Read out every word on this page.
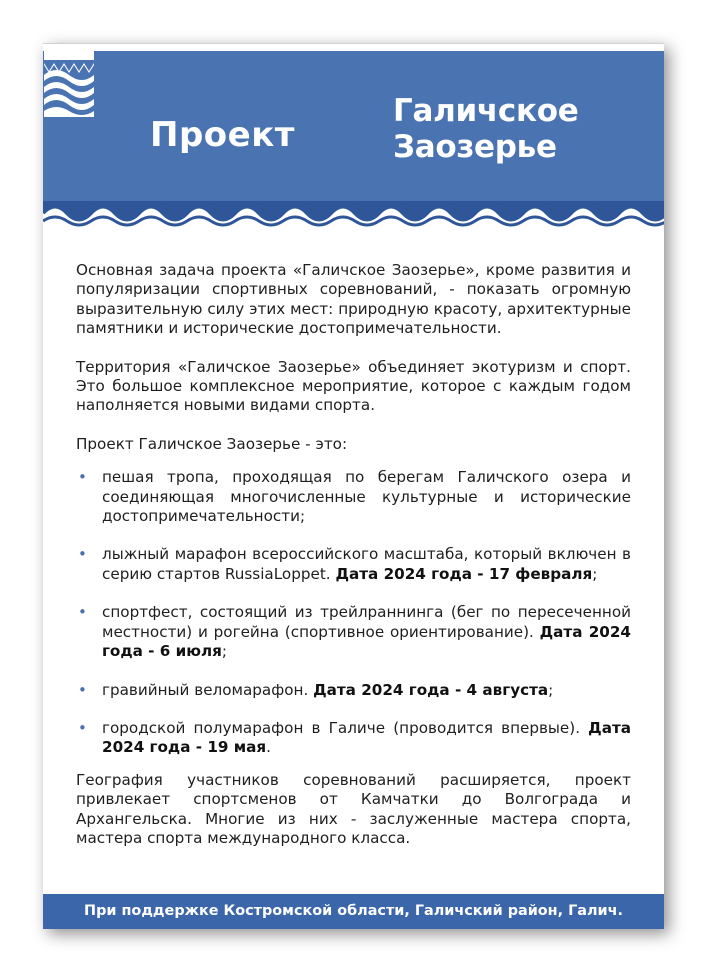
Проект
Галичское
Заозерье

Основная задача проекта «Галичское Заозерье», кроме развития и популяризации спортивных соревнований, - показать огромную выразительную силу этих мест: природную красоту, архитектурные памятники и исторические достопримечательности.

Территория «Галичское Заозерье» объединяет экотуризм и спорт. Это большое комплексное мероприятие, которое с каждым годом наполняется новыми видами спорта.

Проект Галичское Заозерье - это:

• пешая тропа, проходящая по берегам Галичского озера и соединяющая многочисленные культурные и исторические достопримечательности;
• лыжный марафон всероссийского масштаба, который включен в серию стартов RussiaLoppet. Дата 2024 года - 17 февраля;
• спортфест, состоящий из трейлраннинга (бег по пересеченной местности) и рогейна (спортивное ориентирование). Дата 2024 года - 6 июля;
• гравийный веломарафон. Дата 2024 года - 4 августа;
• городской полумарафон в Галиче (проводится впервые). Дата 2024 года - 19 мая.

География участников соревнований расширяется, проект привлекает спортсменов от Камчатки до Волгограда и Архангельска. Многие из них - заслуженные мастера спорта, мастера спорта международного класса.

При поддержке Костромской области, Галичский район, Галич.
